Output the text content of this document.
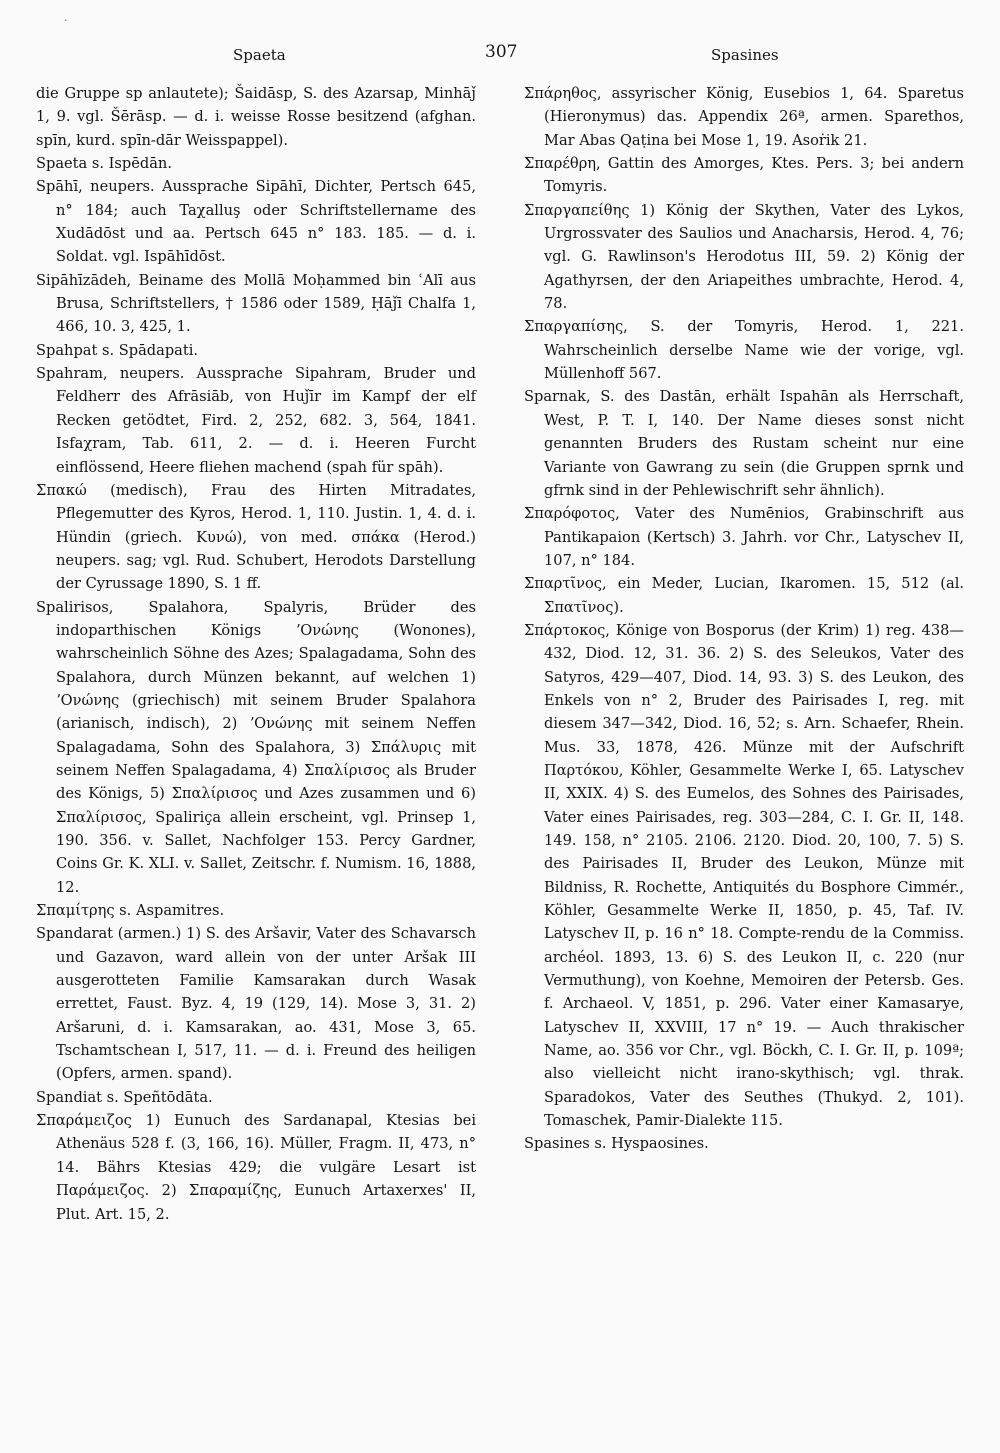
·
Spaeta	307	Spasines

die Gruppe sp anlautete); Šaidāsp, S. des Azarsap, Minhāǰ 1, 9. vgl. Šērāsp. — d. i. weisse Rosse besitzend (afghan. spīn, kurd. spīn-dār Weisspappel).

Spaeta s. Ispēdān.

Spāhī, neupers. Aussprache Sipāhī, Dichter, Pertsch 645, n° 184; auch Taχalluş oder Schriftstellername des Xudādōst und aa. Pertsch 645 n° 183. 185. — d. i. Soldat. vgl. Ispāhīdōst.

Sipāhīzādeh, Beiname des Mollā Moḥammed bin ʿAlī aus Brusa, Schriftstellers, † 1586 oder 1589, Ḥāǰī Chalfa 1, 466, 10. 3, 425, 1.

Spahpat s. Spādapati.

Spahram, neupers. Aussprache Sipahram, Bruder und Feldherr des Afrāsiāb, von Huǰīr im Kampf der elf Recken getödtet, Fird. 2, 252, 682. 3, 564, 1841. Isfaχram, Tab. 611, 2. — d. i. Heeren Furcht einflössend, Heere fliehen machend (spah für spāh).

Σπακώ (medisch), Frau des Hirten Mitradates, Pflegemutter des Kyros, Herod. 1, 110. Justin. 1, 4. d. i. Hündin (griech. Κυνώ), von med. σπάκα (Herod.) neupers. sag; vgl. Rud. Schubert, Herodots Darstellung der Cyrussage 1890, S. 1 ff.

Spalirisos, Spalahora, Spalyris, Brüder des indoparthischen Königs ʼΟνώνης (Wonones), wahrscheinlich Söhne des Azes; Spalagadama, Sohn des Spalahora, durch Münzen bekannt, auf welchen 1) ʼΟνώνης (griechisch) mit seinem Bruder Spalahora (arianisch, indisch), 2) ʼΟνώνης mit seinem Neffen Spalagadama, Sohn des Spalahora, 3) Σπάλυρις mit seinem Neffen Spalagadama, 4) Σπαλίρισος als Bruder des Königs, 5) Σπαλίρισος und Azes zusammen und 6) Σπαλίρισος, Spaliriça allein erscheint, vgl. Prinsep 1, 190. 356. v. Sallet, Nachfolger 153. Percy Gardner, Coins Gr. K. XLI. v. Sallet, Zeitschr. f. Numism. 16, 1888, 12.

Σπαμίτρης s. Aspamitres.

Spandarat (armen.) 1) S. des Aršavir, Vater des Schavarsch und Gazavon, ward allein von der unter Aršak III ausgerotteten Familie Kamsarakan durch Wasak errettet, Faust. Byz. 4, 19 (129, 14). Mose 3, 31. 2) Aršaruni, d. i. Kamsarakan, ao. 431, Mose 3, 65. Tschamtschean I, 517, 11. — d. i. Freund des heiligen (Opfers, armen. spand).

Spandiat s. Speñtōdāta.

Σπαράμειζος 1) Eunuch des Sardanapal, Ktesias bei Athenäus 528 f. (3, 166, 16). Müller, Fragm. II, 473, n° 14. Bährs Ktesias 429; die vulgäre Lesart ist Παράμειζος. 2) Σπαραμίζης, Eunuch Artaxerxes' II, Plut. Art. 15, 2.

Σπάρηθος, assyrischer König, Eusebios 1, 64. Sparetus (Hieronymus) das. Appendix 26ª, armen. Sparethos, Mar Abas Qaṭina bei Mose 1, 19. Asoṙik 21.

Σπαρέθρη, Gattin des Amorges, Ktes. Pers. 3; bei andern Tomyris.

Σπαργαπείθης 1) König der Skythen, Vater des Lykos, Urgrossvater des Saulios und Anacharsis, Herod. 4, 76; vgl. G. Rawlinson's Herodotus III, 59. 2) König der Agathyrsen, der den Ariapeithes umbrachte, Herod. 4, 78.

Σπαργαπίσης, S. der Tomyris, Herod. 1, 221. Wahrscheinlich derselbe Name wie der vorige, vgl. Müllenhoff 567.

Sparnak, S. des Dastān, erhält Ispahān als Herrschaft, West, P. T. I, 140. Der Name dieses sonst nicht genannten Bruders des Rustam scheint nur eine Variante von Gawrang zu sein (die Gruppen sprnk und gfrnk sind in der Pehlewischrift sehr ähnlich).

Σπαρόφοτος, Vater des Numēnios, Grabinschrift aus Pantikapaion (Kertsch) 3. Jahrh. vor Chr., Latyschev II, 107, n° 184.

Σπαρτῖνος, ein Meder, Lucian, Ikaromen. 15, 512 (al. Σπατῖνος).

Σπάρτοκος, Könige von Bosporus (der Krim) 1) reg. 438—432, Diod. 12, 31. 36. 2) S. des Seleukos, Vater des Satyros, 429—407, Diod. 14, 93. 3) S. des Leukon, des Enkels von n° 2, Bruder des Pairisades I, reg. mit diesem 347—342, Diod. 16, 52; s. Arn. Schaefer, Rhein. Mus. 33, 1878, 426. Münze mit der Aufschrift Παρτόκου, Köhler, Gesammelte Werke I, 65. Latyschev II, XXIX. 4) S. des Eumelos, des Sohnes des Pairisades, Vater eines Pairisades, reg. 303—284, C. I. Gr. II, 148. 149. 158, n° 2105. 2106. 2120. Diod. 20, 100, 7. 5) S. des Pairisades II, Bruder des Leukon, Münze mit Bildniss, R. Rochette, Antiquités du Bosphore Cimmér., Köhler, Gesammelte Werke II, 1850, p. 45, Taf. IV. Latyschev II, p. 16 n° 18. Compte-rendu de la Commiss. archéol. 1893, 13. 6) S. des Leukon II, c. 220 (nur Vermuthung), von Koehne, Memoiren der Petersb. Ges. f. Archaeol. V, 1851, p. 296. Vater einer Kamasarye, Latyschev II, XXVIII, 17 n° 19. — Auch thrakischer Name, ao. 356 vor Chr., vgl. Böckh, C. I. Gr. II, p. 109ª; also vielleicht nicht irano-skythisch; vgl. thrak. Sparadokos, Vater des Seuthes (Thukyd. 2, 101). Tomaschek, Pamir-Dialekte 115.

Spasines s. Hyspaosines.
